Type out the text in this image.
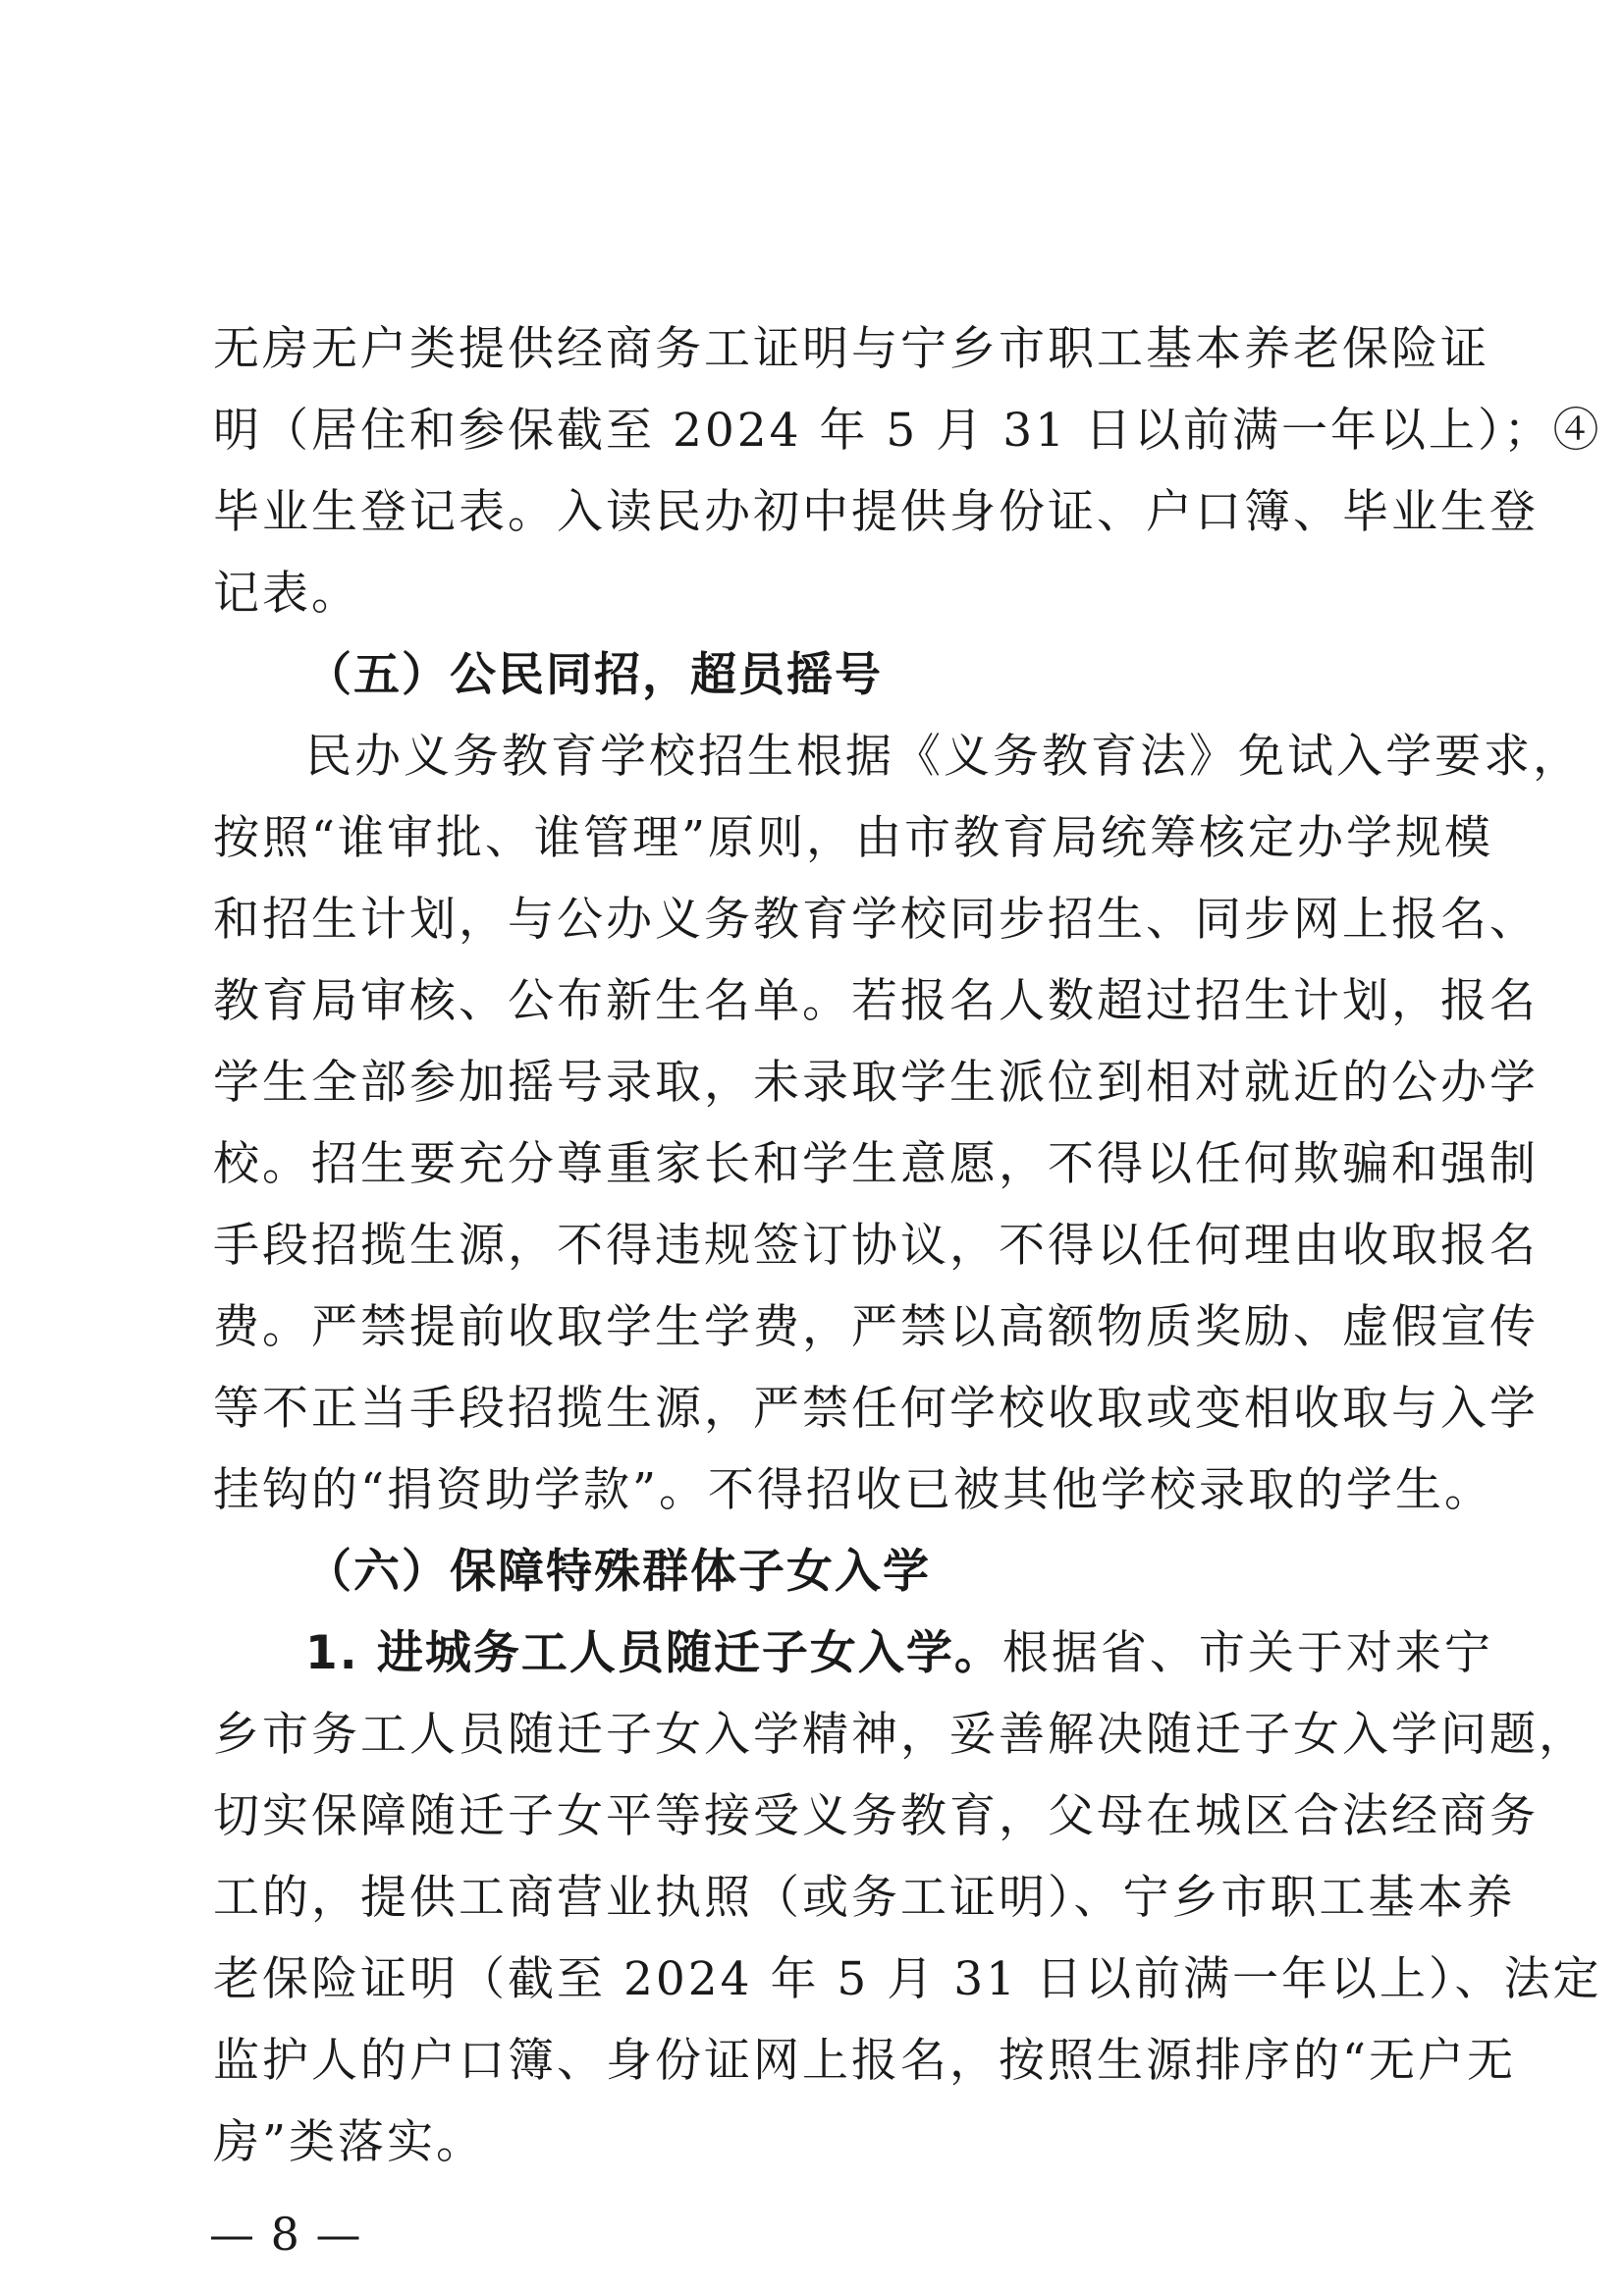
无房无户类提供经商务工证明与宁乡市职工基本养老保险证
明（居住和参保截至 2024 年 5 月 31 日以前满一年以上）；④
毕业生登记表。入读民办初中提供身份证、户口簿、毕业生登
记表。
（五）公民同招，超员摇号
民办义务教育学校招生根据《义务教育法》免试入学要求，
按照“谁审批、谁管理”原则，由市教育局统筹核定办学规模
和招生计划，与公办义务教育学校同步招生、同步网上报名、
教育局审核、公布新生名单。若报名人数超过招生计划，报名
学生全部参加摇号录取，未录取学生派位到相对就近的公办学
校。招生要充分尊重家长和学生意愿，不得以任何欺骗和强制
手段招揽生源，不得违规签订协议，不得以任何理由收取报名
费。严禁提前收取学生学费，严禁以高额物质奖励、虚假宣传
等不正当手段招揽生源，严禁任何学校收取或变相收取与入学
挂钩的“捐资助学款”。不得招收已被其他学校录取的学生。
（六）保障特殊群体子女入学
1. 进城务工人员随迁子女入学。根据省、市关于对来宁
乡市务工人员随迁子女入学精神，妥善解决随迁子女入学问题，
切实保障随迁子女平等接受义务教育，父母在城区合法经商务
工的，提供工商营业执照（或务工证明）、宁乡市职工基本养
老保险证明（截至 2024 年 5 月 31 日以前满一年以上）、法定
监护人的户口簿、身份证网上报名，按照生源排序的“无户无
房”类落实。
— 8 —
